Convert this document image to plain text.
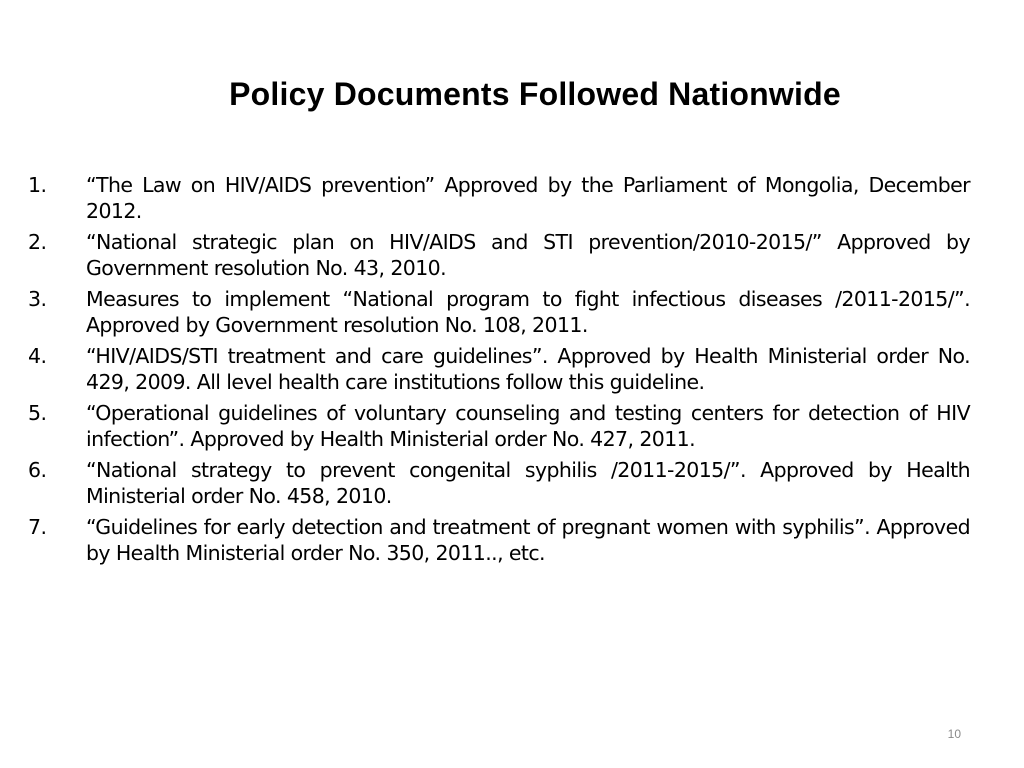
Policy Documents Followed Nationwide
1.	“The Law on HIV/AIDS prevention” Approved by the Parliament of Mongolia, December 2012.
2.	“National strategic plan on HIV/AIDS and STI prevention/2010-2015/” Approved by Government resolution No. 43, 2010.
3.	Measures to implement “National program to fight infectious diseases /2011-2015/”. Approved by Government resolution No. 108, 2011.
4.	“HIV/AIDS/STI treatment and care guidelines”. Approved by Health Ministerial order No. 429, 2009. All level health care institutions follow this guideline.
5.	“Operational guidelines of voluntary counseling and testing centers for detection of HIV infection”. Approved by Health Ministerial order No. 427, 2011.
6.	“National strategy to prevent congenital syphilis /2011-2015/”. Approved by Health Ministerial order No. 458, 2010.
7.	“Guidelines for early detection and treatment of pregnant women with syphilis”. Approved by Health Ministerial order No. 350, 2011.., etc.
10
